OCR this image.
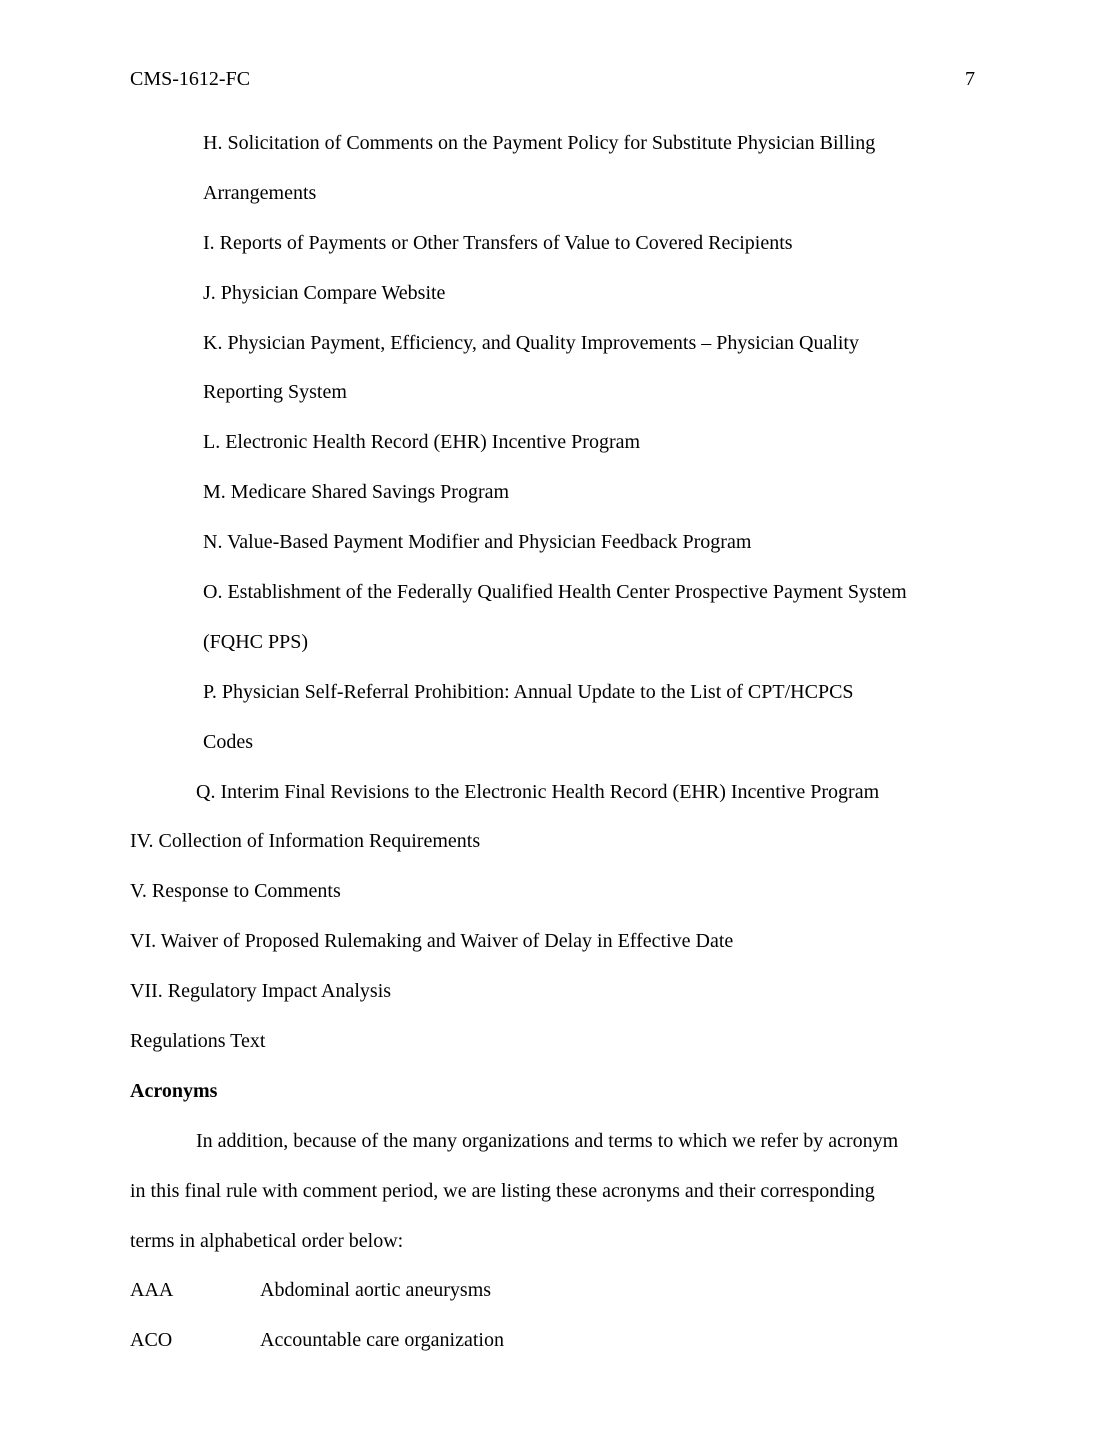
CMS-1612-FC	7
H. Solicitation of Comments on the Payment Policy for Substitute Physician Billing
Arrangements
I. Reports of Payments or Other Transfers of Value to Covered Recipients
J. Physician Compare Website
K. Physician Payment, Efficiency, and Quality Improvements – Physician Quality
Reporting System
L. Electronic Health Record (EHR) Incentive Program
M. Medicare Shared Savings Program
N. Value-Based Payment Modifier and Physician Feedback Program
O. Establishment of the Federally Qualified Health Center Prospective Payment System
(FQHC PPS)
P. Physician Self-Referral Prohibition: Annual Update to the List of CPT/HCPCS
Codes
Q. Interim Final Revisions to the Electronic Health Record (EHR) Incentive Program
IV. Collection of Information Requirements
V. Response to Comments
VI. Waiver of Proposed Rulemaking and Waiver of Delay in Effective Date
VII. Regulatory Impact Analysis
Regulations Text
Acronyms
In addition, because of the many organizations and terms to which we refer by acronym
in this final rule with comment period, we are listing these acronyms and their corresponding
terms in alphabetical order below:
AAA	Abdominal aortic aneurysms
ACO	Accountable care organization
